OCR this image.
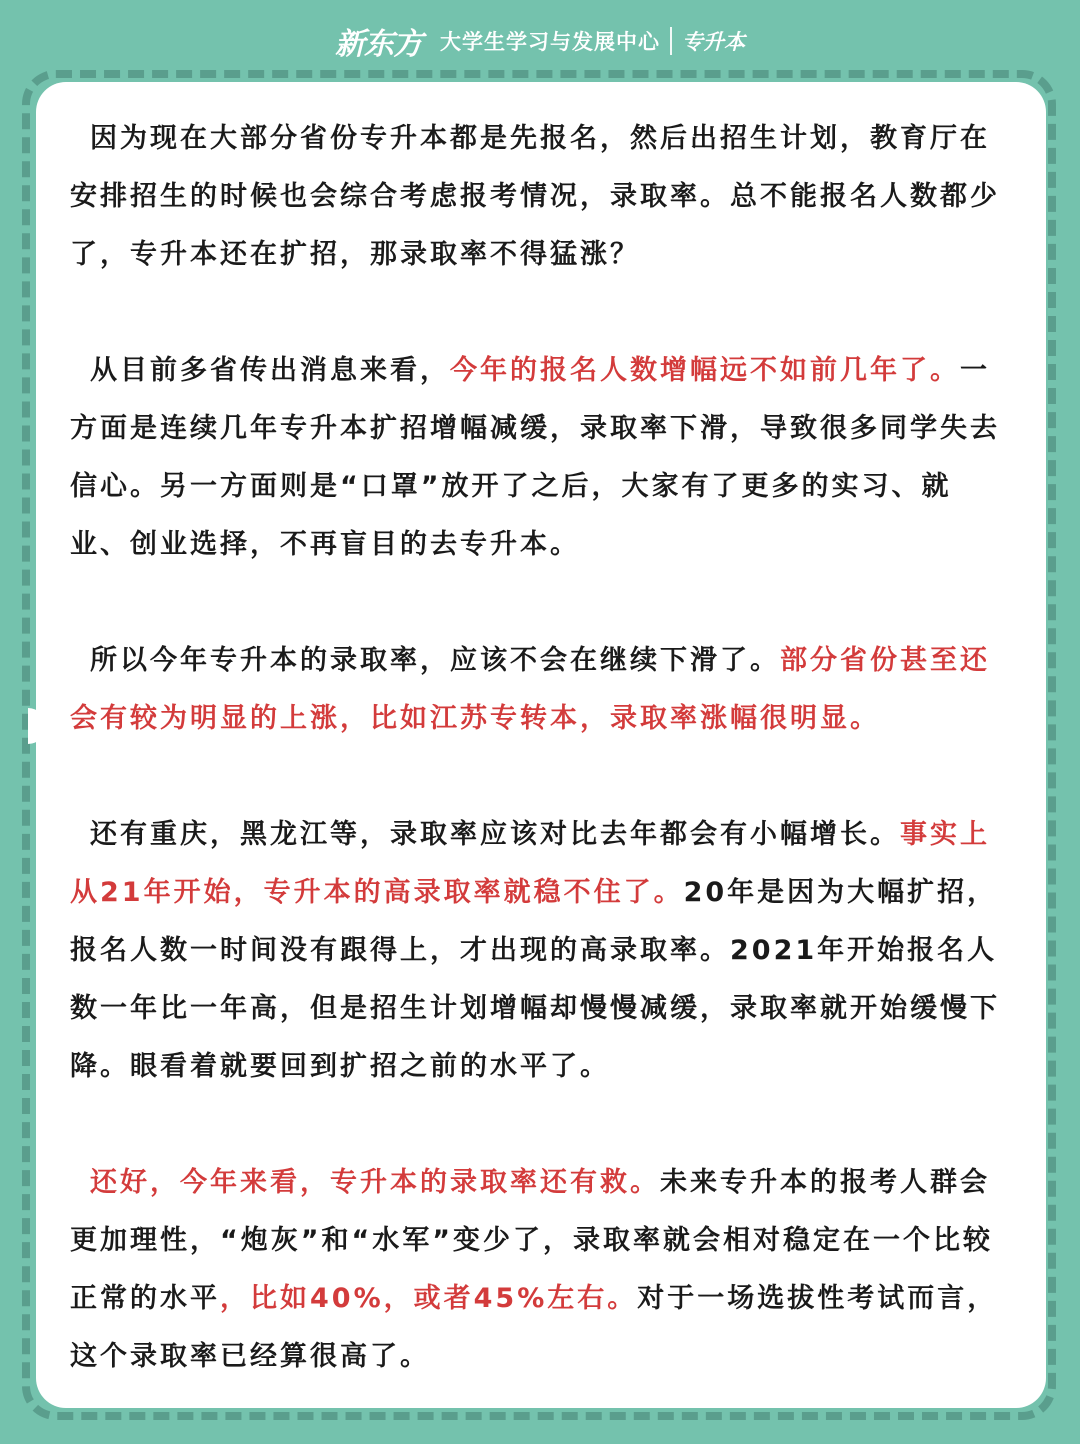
新东方 大学生学习与发展中心 专升本

因为现在大部分省份专升本都是先报名，然后出招生计划，教育厅在安排招生的时候也会综合考虑报考情况，录取率。总不能报名人数都少了，专升本还在扩招，那录取率不得猛涨？

从目前多省传出消息来看，今年的报名人数增幅远不如前几年了。一方面是连续几年专升本扩招增幅减缓，录取率下滑，导致很多同学失去信心。另一方面则是“口罩”放开了之后，大家有了更多的实习、就业、创业选择，不再盲目的去专升本。

所以今年专升本的录取率，应该不会在继续下滑了。部分省份甚至还会有较为明显的上涨，比如江苏专转本，录取率涨幅很明显。

还有重庆，黑龙江等，录取率应该对比去年都会有小幅增长。事实上从21年开始，专升本的高录取率就稳不住了。20年是因为大幅扩招，报名人数一时间没有跟得上，才出现的高录取率。2021年开始报名人数一年比一年高，但是招生计划增幅却慢慢减缓，录取率就开始缓慢下降。眼看着就要回到扩招之前的水平了。

还好，今年来看，专升本的录取率还有救。未来专升本的报考人群会更加理性，“炮灰”和“水军”变少了，录取率就会相对稳定在一个比较正常的水平，比如40%，或者45%左右。对于一场选拔性考试而言，这个录取率已经算很高了。
